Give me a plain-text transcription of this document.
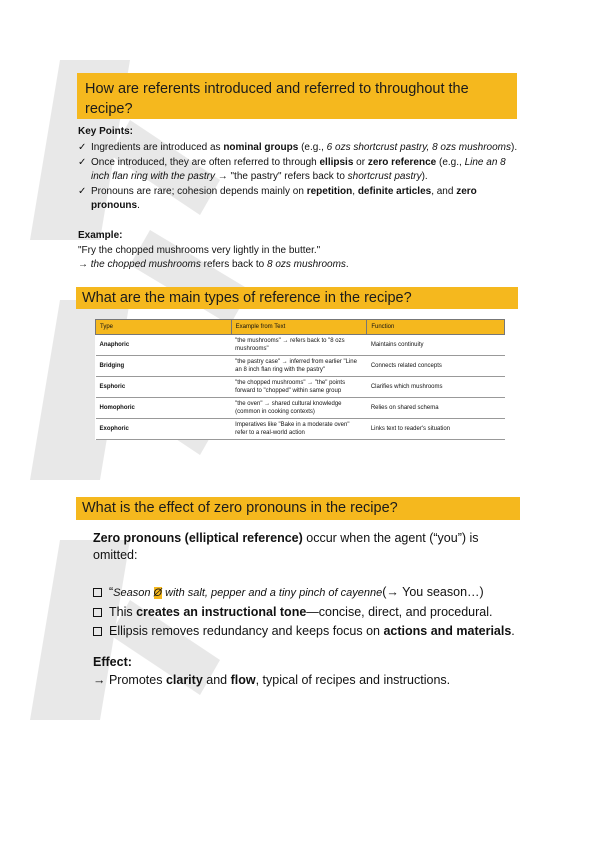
How are referents introduced and referred to throughout the recipe?
Key Points:
✓ Ingredients are introduced as nominal groups (e.g., 6 ozs shortcrust pastry, 8 ozs mushrooms).
✓ Once introduced, they are often referred to through ellipsis or zero reference (e.g., Line an 8 inch flan ring with the pastry → "the pastry" refers back to shortcrust pastry).
✓ Pronouns are rare; cohesion depends mainly on repetition, definite articles, and zero pronouns.
Example:
"Fry the chopped mushrooms very lightly in the butter."
→ the chopped mushrooms refers back to 8 ozs mushrooms.
What are the main types of reference in the recipe?
Type	Example from Text	Function
Anaphoric	"the mushrooms" → refers back to "8 ozs mushrooms"	Maintains continuity
Bridging	"the pastry case" → inferred from earlier "Line an 8 inch flan ring with the pastry"	Connects related concepts
Esphoric	"the chopped mushrooms" → "the" points forward to "chopped" within same group	Clarifies which mushrooms
Homophoric	"the oven" → shared cultural knowledge (common in cooking contexts)	Relies on shared schema
Exophoric	Imperatives like "Bake in a moderate oven" refer to a real-world action	Links text to reader's situation
What is the effect of zero pronouns in the recipe?
Zero pronouns (elliptical reference) occur when the agent (“you”) is omitted:
“Season Ø with salt, pepper and a tiny pinch of cayenne(→ You season…)
This creates an instructional tone—concise, direct, and procedural.
Ellipsis removes redundancy and keeps focus on actions and materials.
Effect:
→ Promotes clarity and flow, typical of recipes and instructions.
